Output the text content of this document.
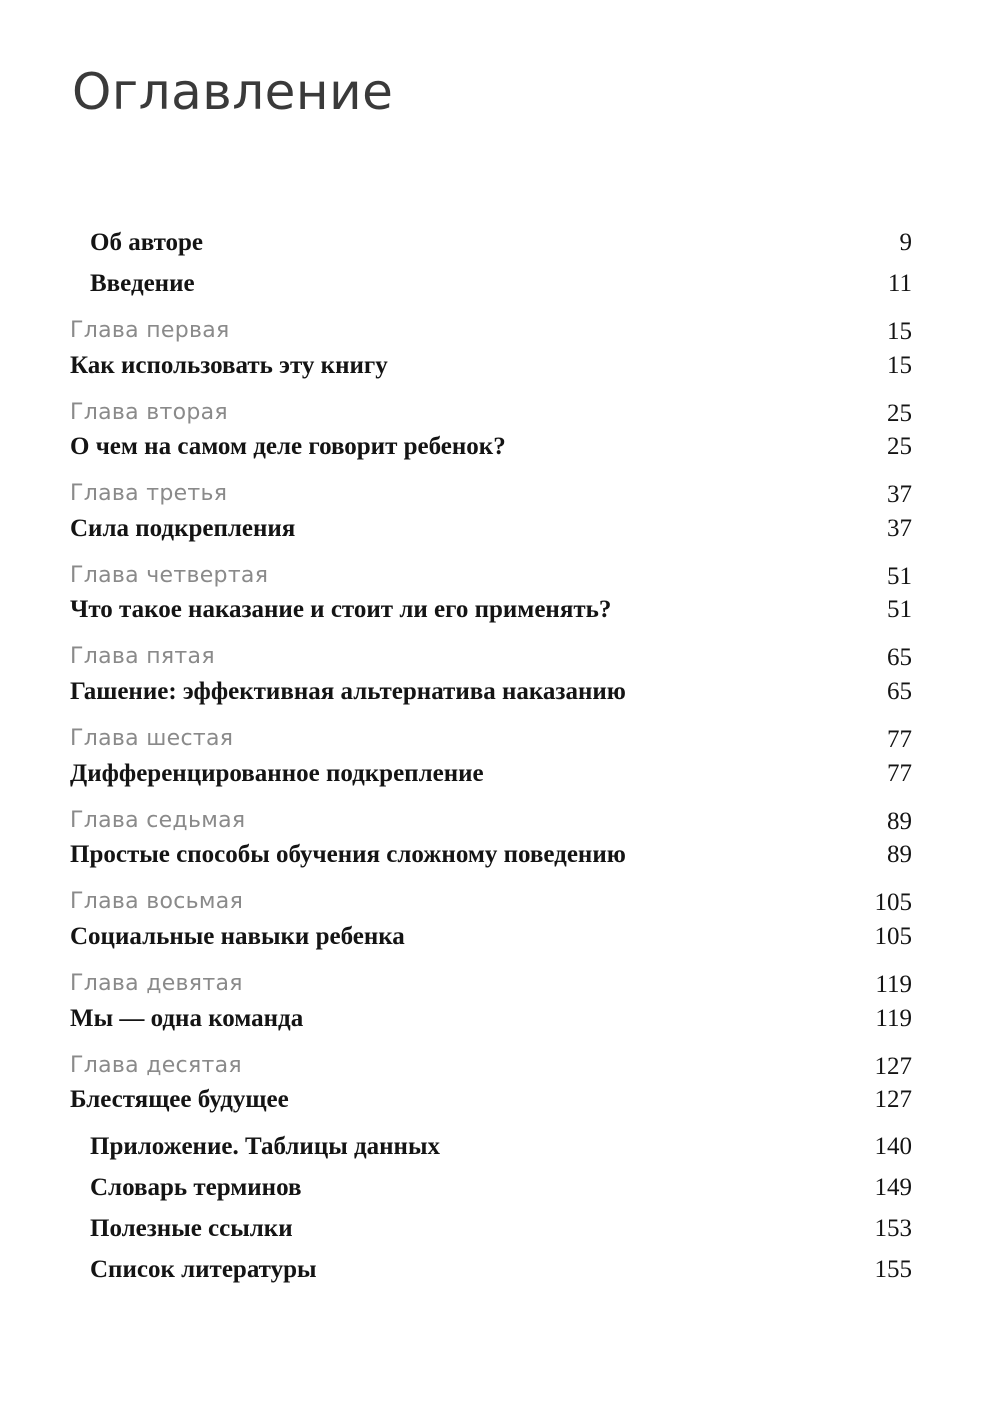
Оглавление
Об авторе	9
Введение	11
Глава первая	15
Как использовать эту книгу	15
Глава вторая	25
О чем на самом деле говорит ребенок?	25
Глава третья	37
Сила подкрепления	37
Глава четвертая	51
Что такое наказание и стоит ли его применять?	51
Глава пятая	65
Гашение: эффективная альтернатива наказанию	65
Глава шестая	77
Дифференцированное подкрепление	77
Глава седьмая	89
Простые способы обучения сложному поведению	89
Глава восьмая	105
Социальные навыки ребенка	105
Глава девятая	119
Мы — одна команда	119
Глава десятая	127
Блестящее будущее	127
Приложение. Таблицы данных	140
Словарь терминов	149
Полезные ссылки	153
Список литературы	155
